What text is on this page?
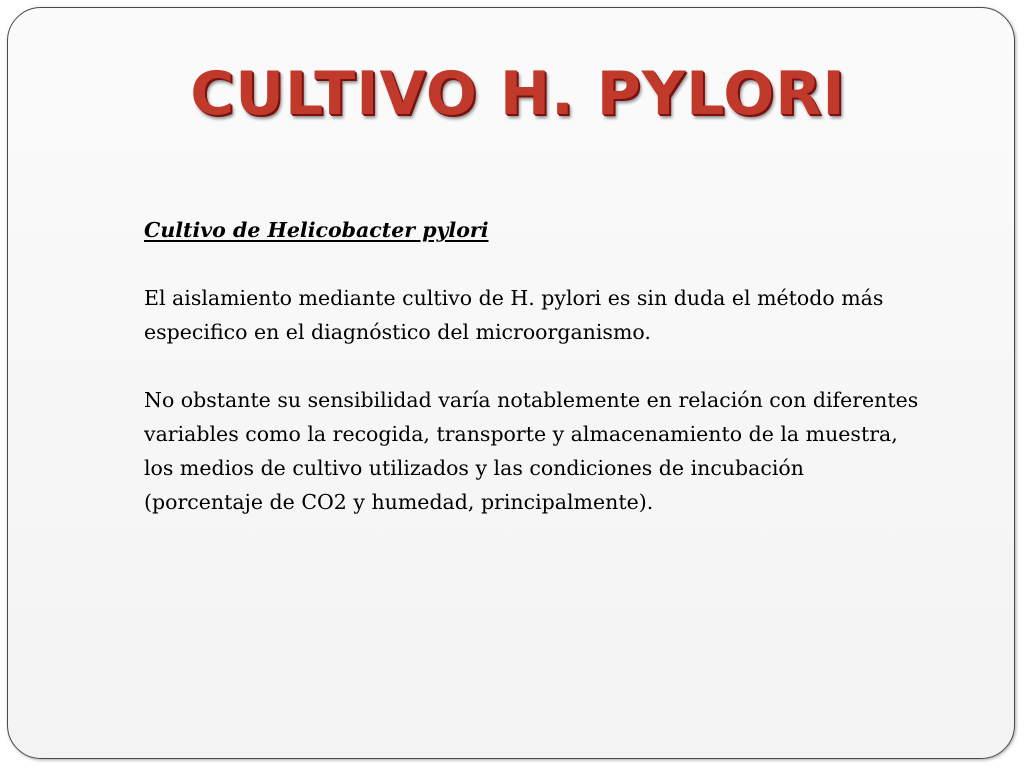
CULTIVO H. PYLORI
Cultivo de Helicobacter pylori
El aislamiento mediante cultivo de H. pylori es sin duda el método más especifico en el diagnóstico del microorganismo.
No obstante su sensibilidad varía notablemente en relación con diferentes variables como la recogida, transporte y almacenamiento de la muestra, los medios de cultivo utilizados y las condiciones de incubación (porcentaje de CO2 y humedad, principalmente).
